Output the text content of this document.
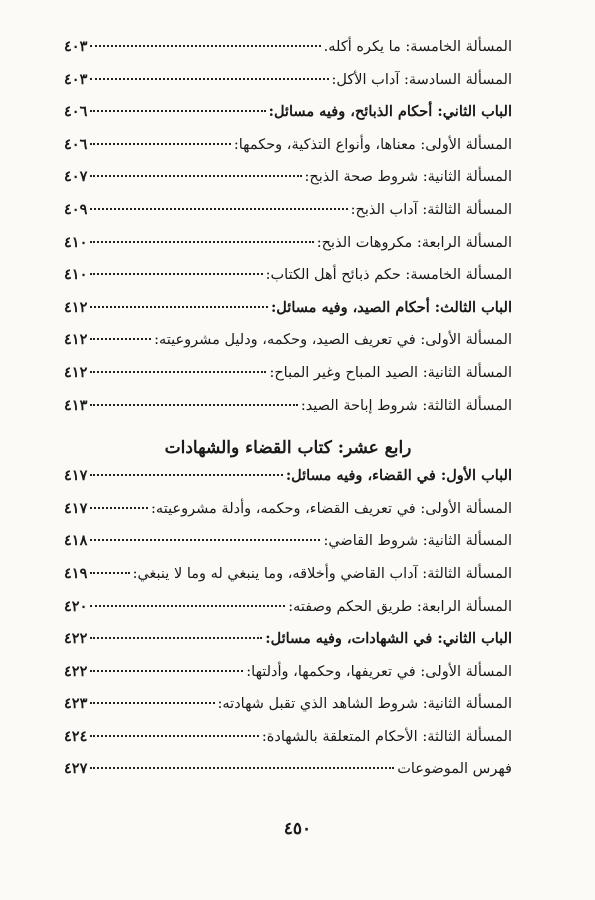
المسألة الخامسة: ما يكره أكله.
٤٠٣
المسألة السادسة: آداب الأكل:
٤٠٣
الباب الثاني: أحكام الذبائح، وفيه مسائل:
٤٠٦
المسألة الأولى: معناها، وأنواع التذكية، وحكمها:
٤٠٦
المسألة الثانية: شروط صحة الذبح:
٤٠٧
المسألة الثالثة: آداب الذبح:
٤٠٩
المسألة الرابعة: مكروهات الذبح:
٤١٠
المسألة الخامسة: حكم ذبائح أهل الكتاب:
٤١٠
الباب الثالث: أحكام الصيد، وفيه مسائل:
٤١٢
المسألة الأولى: في تعريف الصيد، وحكمه، ودليل مشروعيته:
٤١٢
المسألة الثانية: الصيد المباح وغير المباح:
٤١٢
المسألة الثالثة: شروط إباحة الصيد:
٤١٣
رابع عشر: كتاب القضاء والشهادات
الباب الأول: في القضاء، وفيه مسائل:
٤١٧
المسألة الأولى: في تعريف القضاء، وحكمه، وأدلة مشروعيته:
٤١٧
المسألة الثانية: شروط القاضي:
٤١٨
المسألة الثالثة: آداب القاضي وأخلاقه، وما ينبغي له وما لا ينبغي:
٤١٩
المسألة الرابعة: طريق الحكم وصفته:
٤٢٠
الباب الثاني: في الشهادات، وفيه مسائل:
٤٢٢
المسألة الأولى: في تعريفها، وحكمها، وأدلتها:
٤٢٢
المسألة الثانية: شروط الشاهد الذي تقبل شهادته:
٤٢٣
المسألة الثالثة: الأحكام المتعلقة بالشهادة:
٤٢٤
فهرس الموضوعات
٤٢٧
٤٥٠
